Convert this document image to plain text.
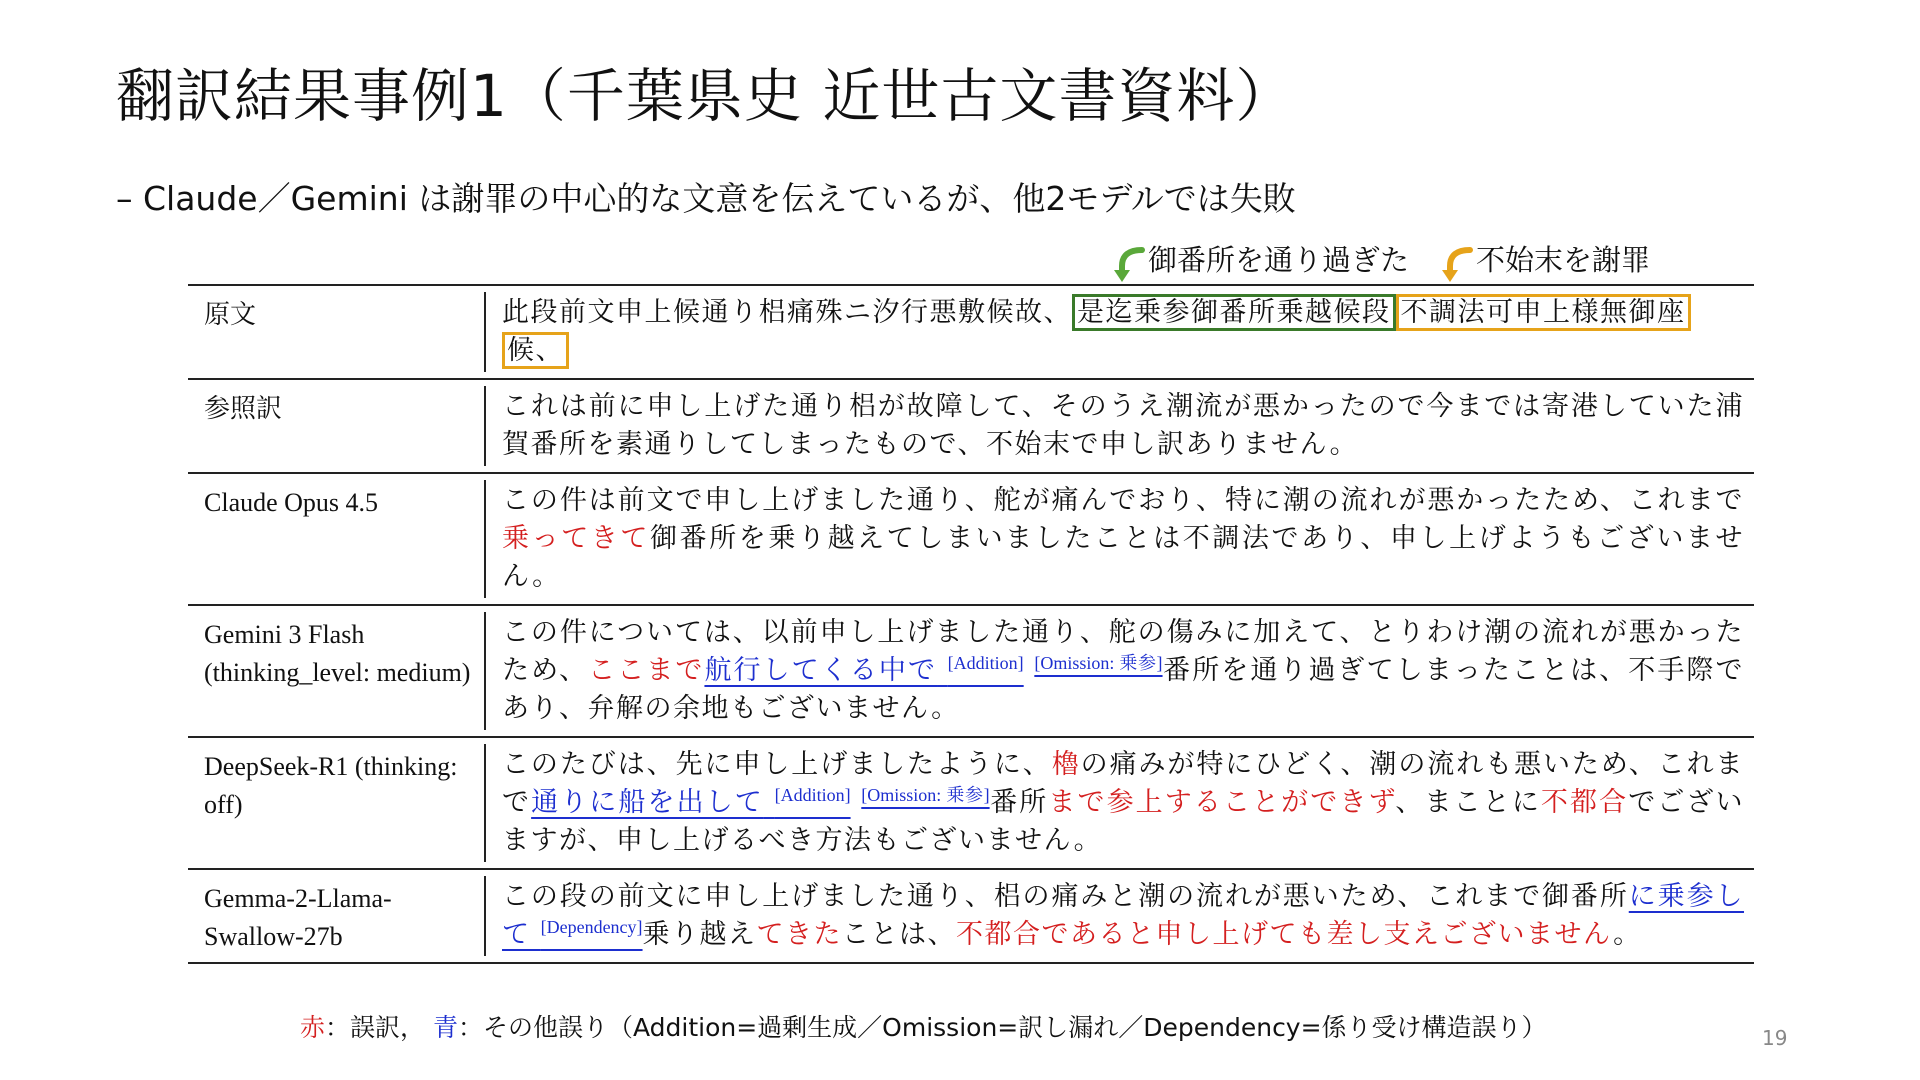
翻訳結果事例1（千葉県史 近世古文書資料）
– Claude／Gemini は謝罪の中心的な文意を伝えているが、他2モデルでは失敗
御番所を通り過ぎた 不始末を謝罪
原文	此段前文申上候通り梠痛殊ニ汐行悪敷候故、 是迄乗参御番所乗越候段 不調法可申上様無御座
候、
参照訳	これは前に申し上げた通り梠が故障して、そのうえ潮流が悪かったので今までは寄港していた浦賀番所を素通りしてしまったもので、不始末で申し訳ありません。
Claude Opus 4.5	この件は前文で申し上げました通り、舵が痛んでおり、特に潮の流れが悪かったため、これまで乗ってきて御番所を乗り越えてしまいましたことは不調法であり、申し上げようもございません。
Gemini 3 Flash (thinking_level: medium)
この件については、以前申し上げました通り、舵の傷みに加えて、とりわけ潮の流れが悪かったため、ここまで航行してくる中で [Addition] [Omission: 乗参]番所を通り過ぎてしまったことは、不手際であり、弁解の余地もございません。
DeepSeek-R1 (thinking: off)
このたびは、先に申し上げましたように、櫓の痛みが特にひどく、潮の流れも悪いため、これまで通りに船を出して [Addition] [Omission: 乗参]番所まで参上することができず、まことに不都合でございますが、申し上げるべき方法もございません。
Gemma-2-Llama-Swallow-27b
この段の前文に申し上げました通り、梠の痛みと潮の流れが悪いため、これまで御番所に乗参して [Dependency]乗り越えてきたことは、不都合であると申し上げても差し支えございません。
赤：誤訳， 青：その他誤り（Addition=過剰生成／Omission=訳し漏れ／Dependency=係り受け構造誤り）	19
